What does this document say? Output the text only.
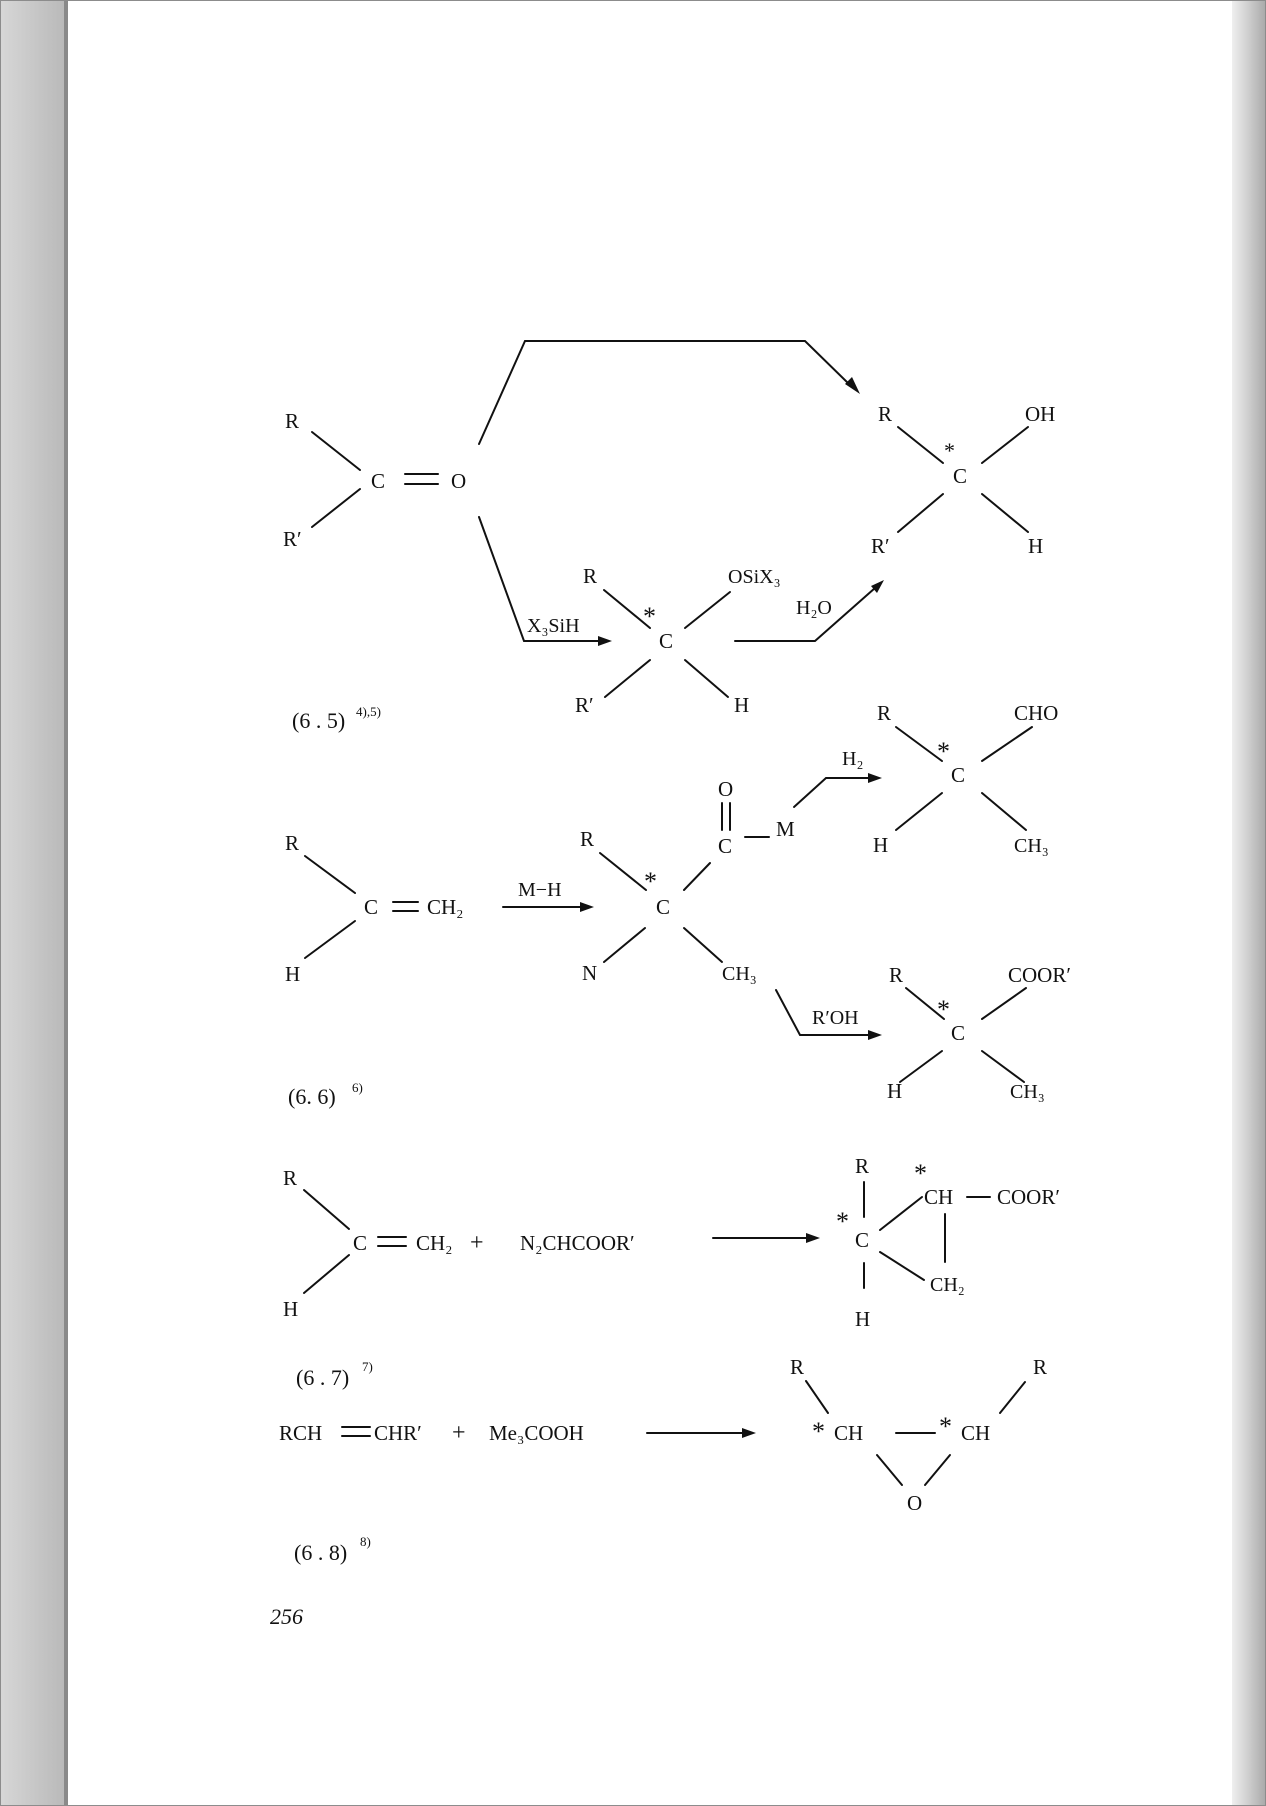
R
R′
C	O
X₃SiH
R
*
OSiX₃
C
R′	H
H₂O
R	OH
*
C
R′	H
(6 . 5) 4),5)
R
H
C CH₂
M−H
R
*
C
O
C
M
N	CH₃
H₂
R	CHO
*
C
H	CH₃
R′OH
R	COOR′
*
C
H	CH₃
(6. 6) 6)
R
H
C CH₂ + N₂CHCOOR′
R
*
C
H
*
CH COOR′
CH₂
(6 . 7) 7)
RCH CHR′ + Me₃COOH
R
* CH	* CH
R
O
(6 . 8) 8)
256
